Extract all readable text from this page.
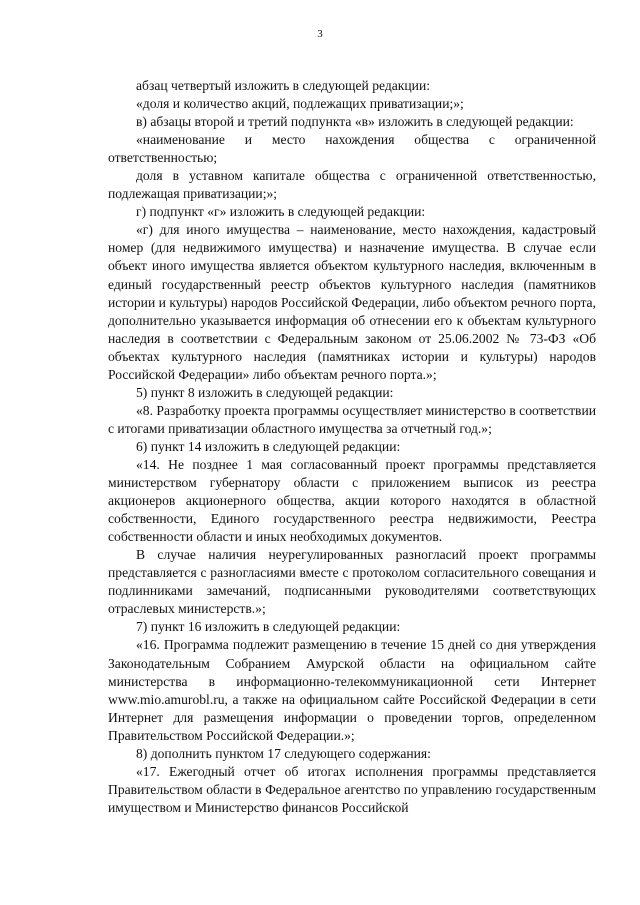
3

абзац четвертый изложить в следующей редакции:

«доля и количество акций, подлежащих приватизации;»;

в) абзацы второй и третий подпункта «в» изложить в следующей редакции:

«наименование и место нахождения общества с ограниченной ответственностью;

доля в уставном капитале общества с ограниченной ответственностью, подлежащая приватизации;»;

г) подпункт «г» изложить в следующей редакции:

«г) для иного имущества – наименование, место нахождения, кадастровый номер (для недвижимого имущества) и назначение имущества. В случае если объект иного имущества является объектом культурного наследия, включенным в единый государственный реестр объектов культурного наследия (памятников истории и культуры) народов Российской Федерации, либо объектом речного порта, дополнительно указывается информация об отнесении его к объектам культурного наследия в соответствии с Федеральным законом от 25.06.2002 № 73-ФЗ «Об объектах культурного наследия (памятниках истории и культуры) народов Российской Федерации» либо объектам речного порта.»;

5) пункт 8 изложить в следующей редакции:

«8. Разработку проекта программы осуществляет министерство в соответствии с итогами приватизации областного имущества за отчетный год.»;

6) пункт 14 изложить в следующей редакции:

«14. Не позднее 1 мая согласованный проект программы представляется министерством губернатору области с приложением выписок из реестра акционеров акционерного общества, акции которого находятся в областной собственности, Единого государственного реестра недвижимости, Реестра собственности области и иных необходимых документов.

В случае наличия неурегулированных разногласий проект программы представляется с разногласиями вместе с протоколом согласительного совещания и подлинниками замечаний, подписанными руководителями соответствующих отраслевых министерств.»;

7) пункт 16 изложить в следующей редакции:

«16. Программа подлежит размещению в течение 15 дней со дня утверждения Законодательным Собранием Амурской области на официальном сайте министерства в информационно-телекоммуникационной сети Интернет www.mio.amurobl.ru, а также на официальном сайте Российской Федерации в сети Интернет для размещения информации о проведении торгов, определенном Правительством Российской Федерации.»;

8) дополнить пунктом 17 следующего содержания:

«17. Ежегодный отчет об итогах исполнения программы представляется Правительством области в Федеральное агентство по управлению государственным имуществом и Министерство финансов Российской
